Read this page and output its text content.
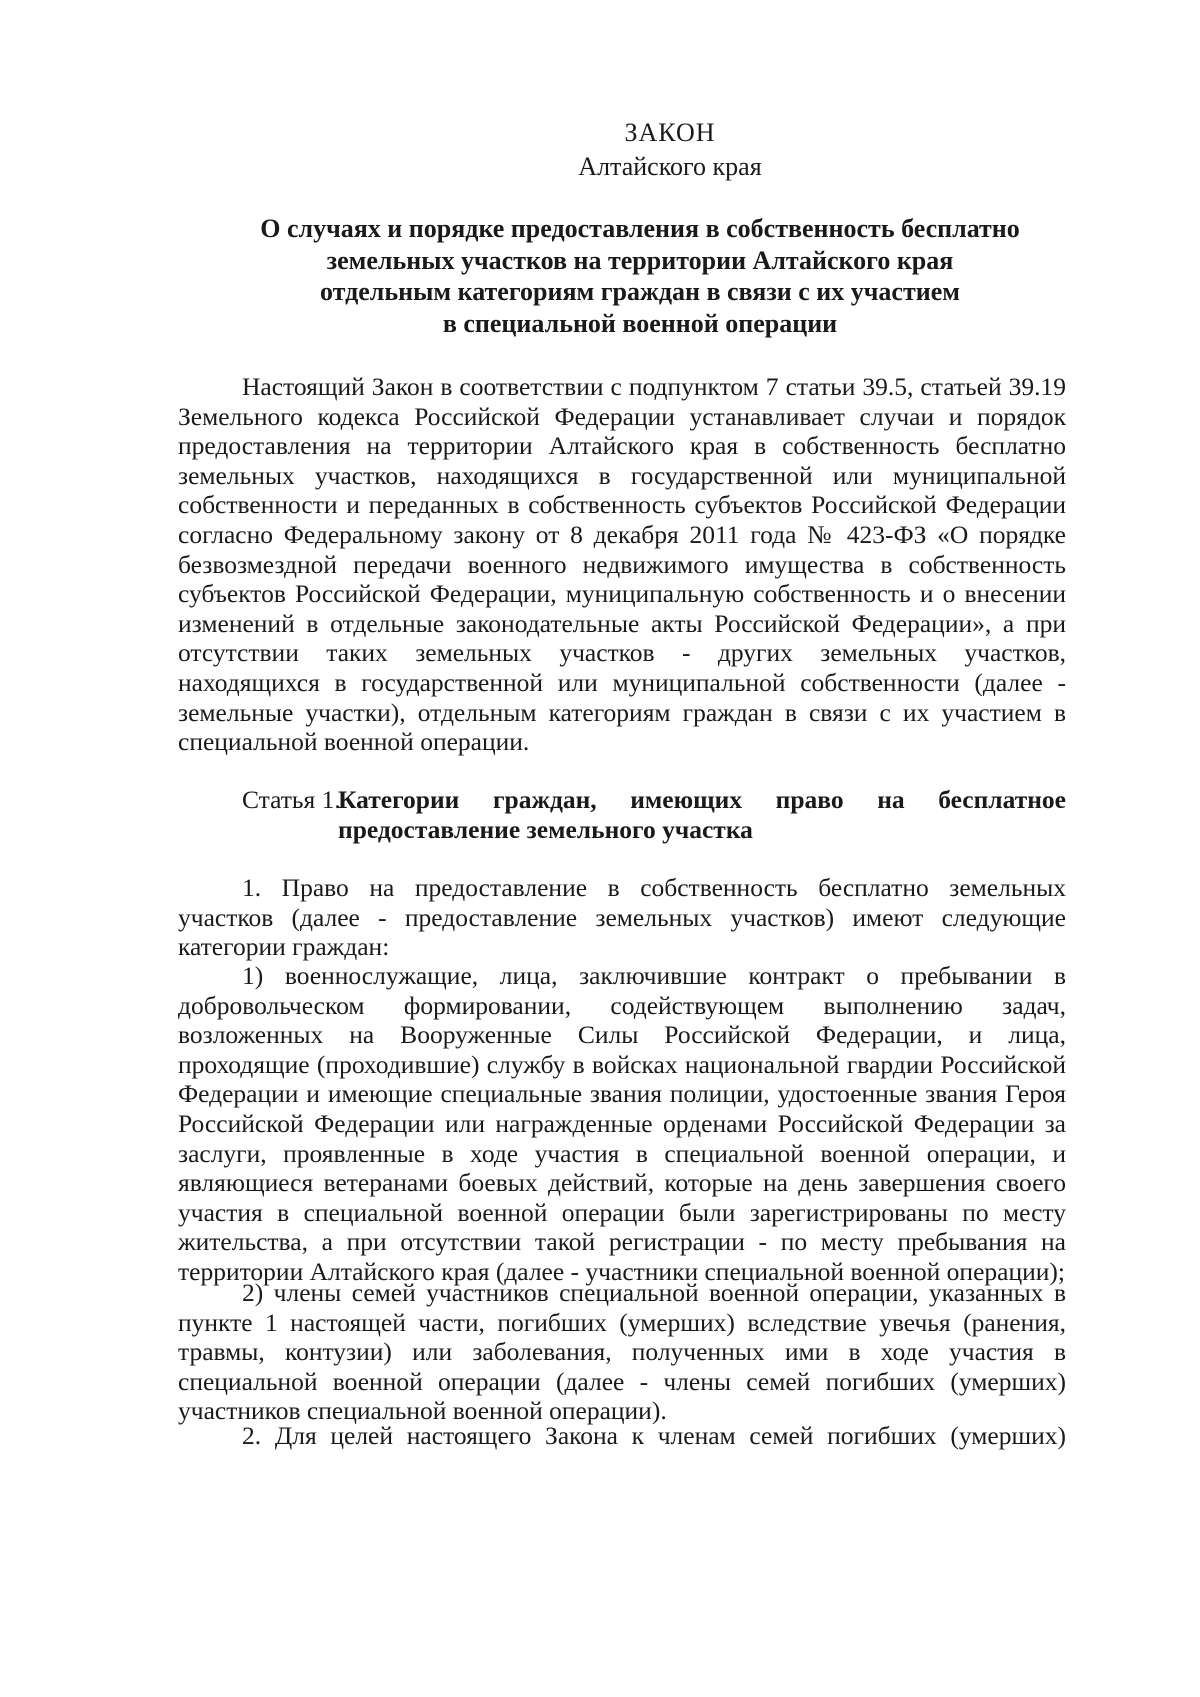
ЗАКОН
Алтайского края
О случаях и порядке предоставления в собственность бесплатно
земельных участков на территории Алтайского края
отдельным категориям граждан в связи с их участием
в специальной военной операции

Настоящий Закон в соответствии с подпунктом 7 статьи 39.5, статьей 39.19 Земельного кодекса Российской Федерации устанавливает случаи и порядок предоставления на территории Алтайского края в собственность бесплатно земельных участков, находящихся в государственной или муниципальной собственности и переданных в собственность субъектов Российской Федерации согласно Федеральному закону от 8 декабря 2011 года № 423-ФЗ «О порядке безвозмездной передачи военного недвижимого имущества в собственность субъектов Российской Федерации, муниципальную собственность и о внесении изменений в отдельные законодательные акты Российской Федерации», а при отсутствии таких земельных участков - других земельных участков, находящихся в государственной или муниципальной собственности (далее - земельные участки), отдельным категориям граждан в связи с их участием в специальной военной операции.

Статья 1.
Категории граждан, имеющих право на бесплатное
предоставление земельного участка

1. Право на предоставление в собственность бесплатно земельных участков (далее - предоставление земельных участков) имеют следующие категории граждан:

1) военнослужащие, лица, заключившие контракт о пребывании в добровольческом формировании, содействующем выполнению задач, возложенных на Вооруженные Силы Российской Федерации, и лица, проходящие (проходившие) службу в войсках национальной гвардии Российской Федерации и имеющие специальные звания полиции, удостоенные звания Героя Российской Федерации или награжденные орденами Российской Федерации за заслуги, проявленные в ходе участия в специальной военной операции, и являющиеся ветеранами боевых действий, которые на день завершения своего участия в специальной военной операции были зарегистрированы по месту жительства, а при отсутствии такой регистрации - по месту пребывания на территории Алтайского края (далее - участники специальной военной операции);

2) члены семей участников специальной военной операции, указанных в пункте 1 настоящей части, погибших (умерших) вследствие увечья (ранения, травмы, контузии) или заболевания, полученных ими в ходе участия в специальной военной операции (далее - члены семей погибших (умерших) участников специальной военной операции).

2. Для целей настоящего Закона к членам семей погибших (умерших)
